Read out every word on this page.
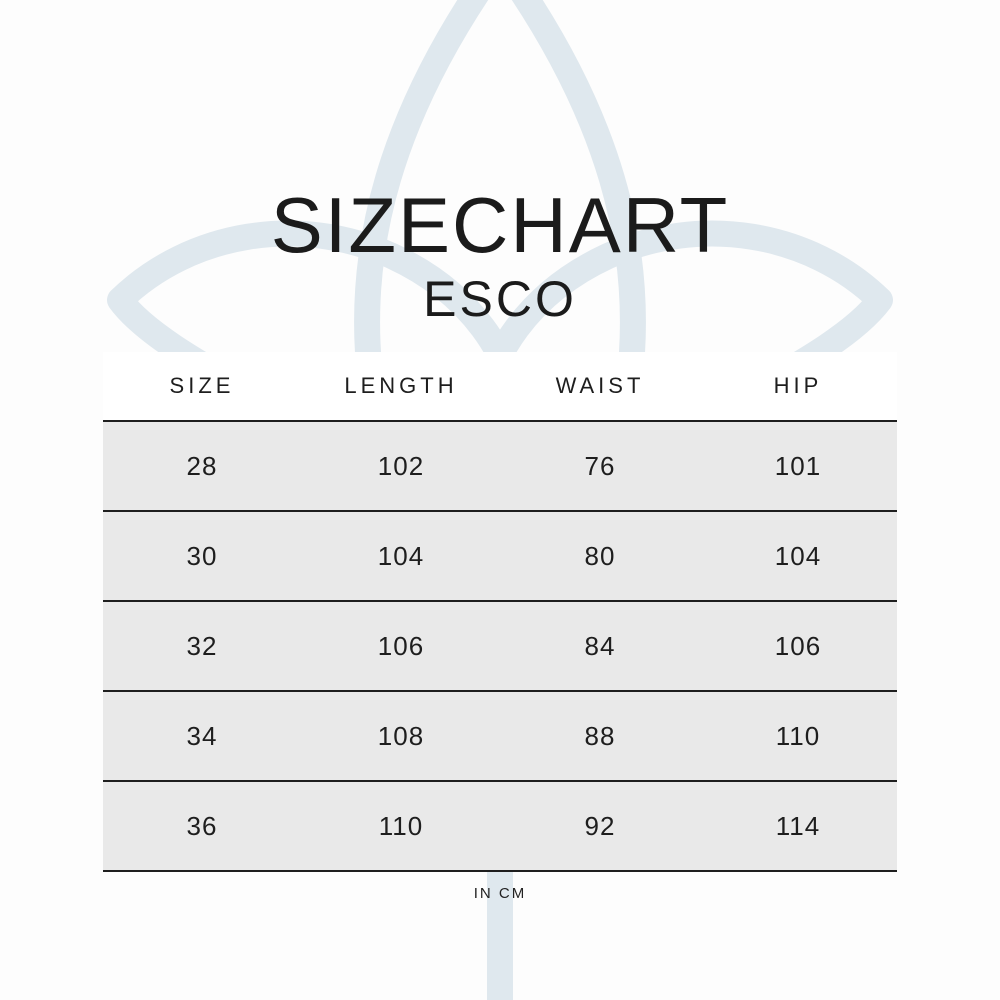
SIZECHART
ESCO
SIZE	LENGTH	WAIST	HIP
28	102	76	101
30	104	80	104
32	106	84	106
34	108	88	110
36	110	92	114
IN CM
